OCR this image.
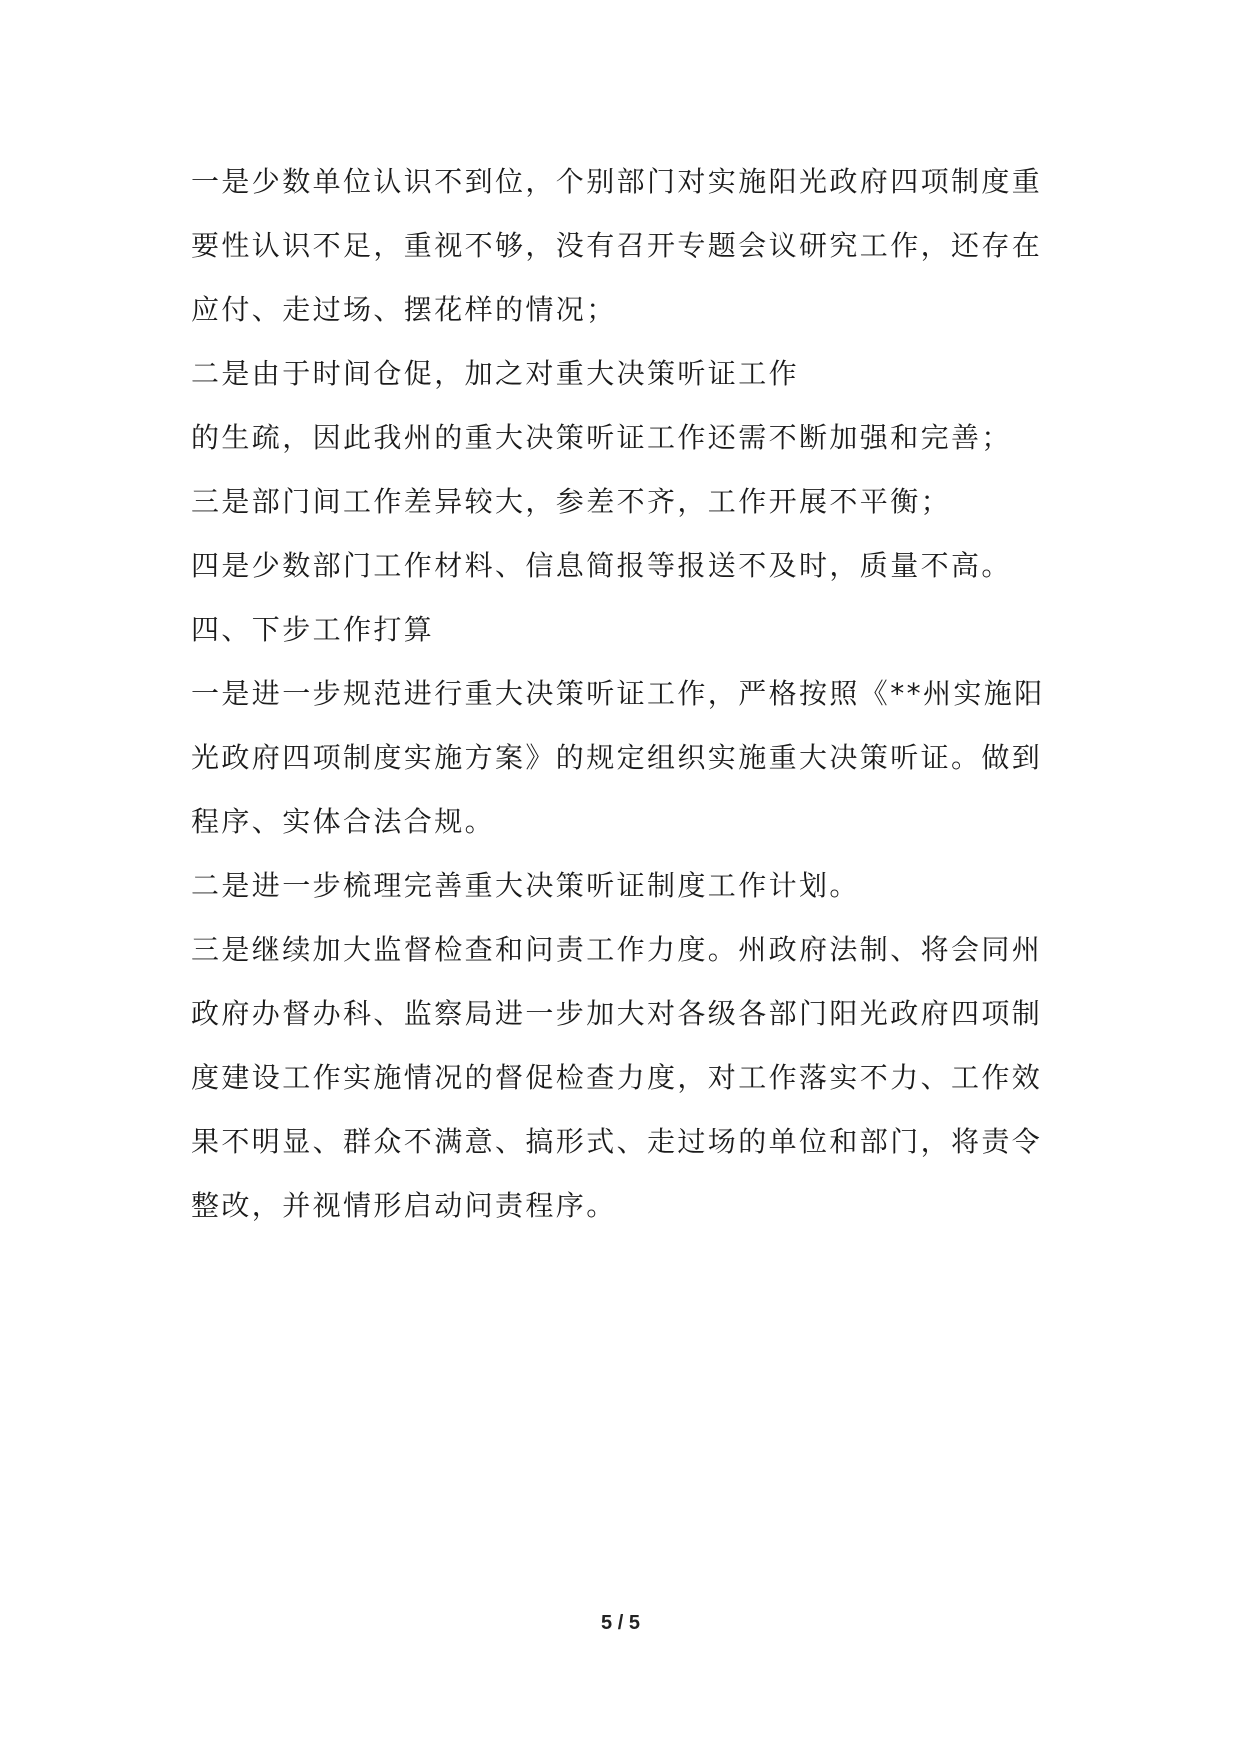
一是少数单位认识不到位，个别部门对实施阳光政府四项制度重
要性认识不足，重视不够，没有召开专题会议研究工作，还存在
应付、走过场、摆花样的情况；
二是由于时间仓促，加之对重大决策听证工作
的生疏，因此我州的重大决策听证工作还需不断加强和完善；
三是部门间工作差异较大，参差不齐，工作开展不平衡；
四是少数部门工作材料、信息简报等报送不及时，质量不高。
四、下步工作打算
一是进一步规范进行重大决策听证工作，严格按照《**州实施阳
光政府四项制度实施方案》的规定组织实施重大决策听证。做到
程序、实体合法合规。
二是进一步梳理完善重大决策听证制度工作计划。
三是继续加大监督检查和问责工作力度。州政府法制、将会同州
政府办督办科、监察局进一步加大对各级各部门阳光政府四项制
度建设工作实施情况的督促检查力度，对工作落实不力、工作效
果不明显、群众不满意、搞形式、走过场的单位和部门，将责令
整改，并视情形启动问责程序。
5 / 5
